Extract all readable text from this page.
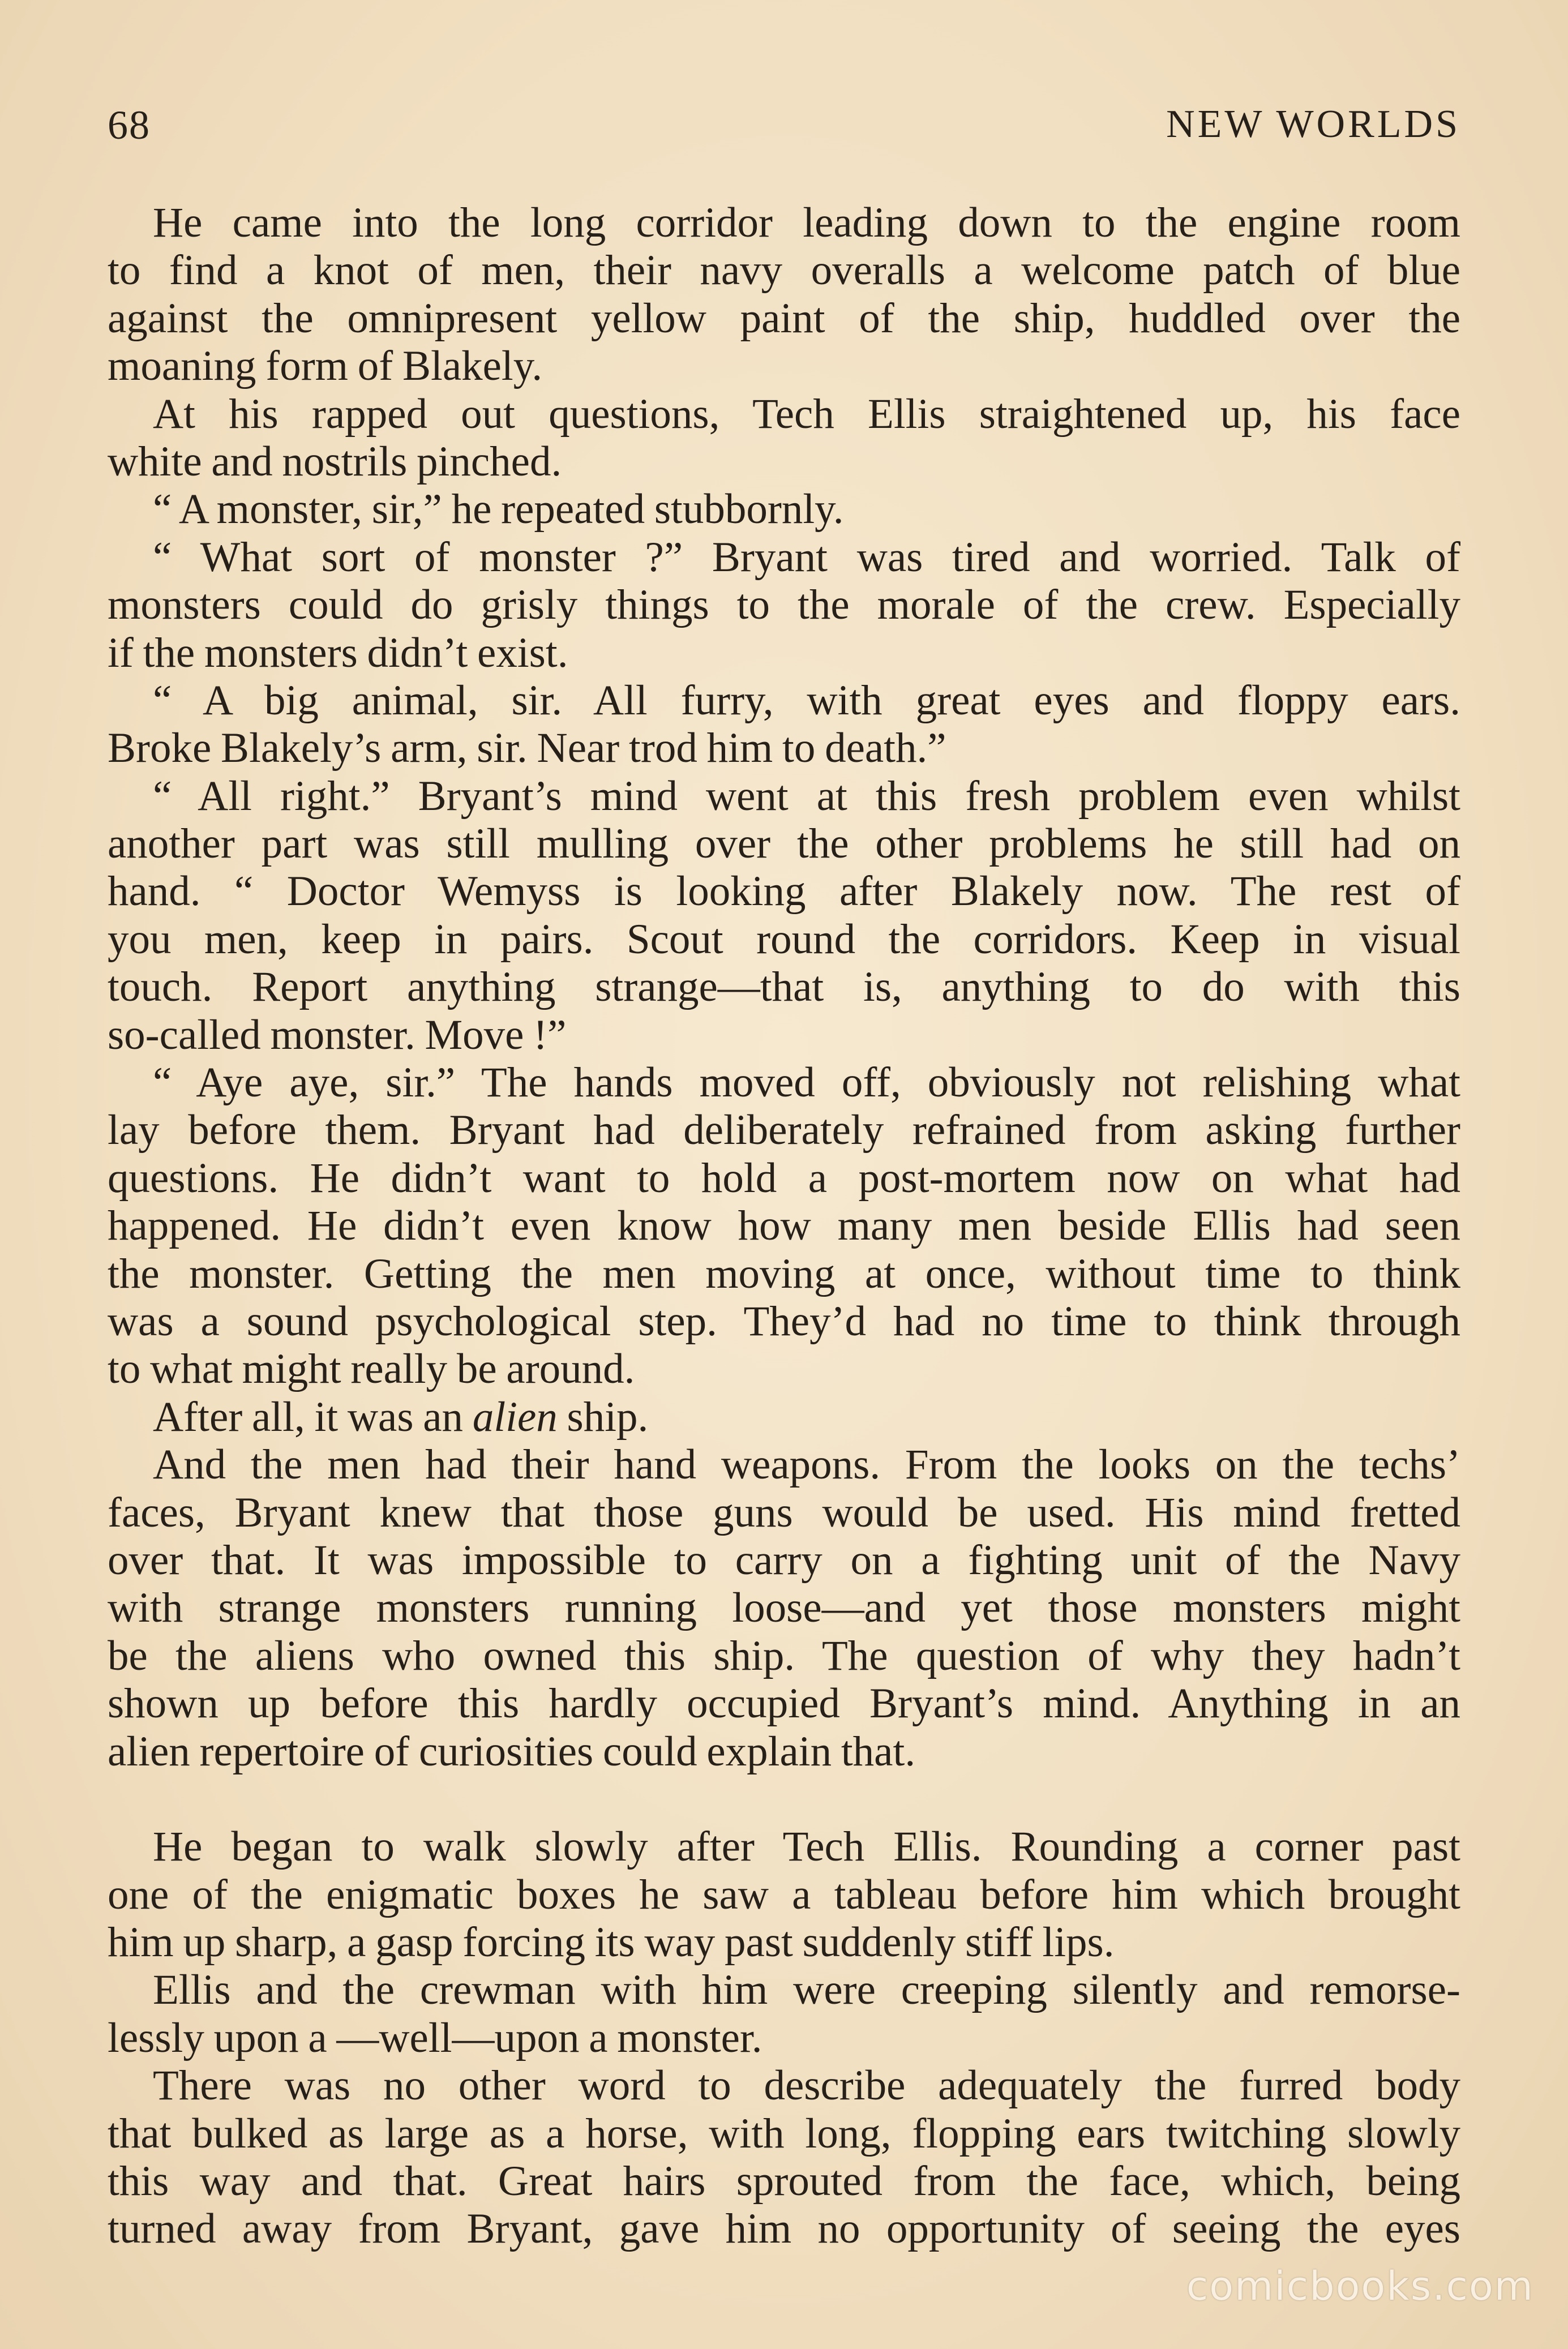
68	NEW WORLDS
He came into the long corridor leading down to the engine room
to find a knot of men, their navy overalls a welcome patch of blue
against the omnipresent yellow paint of the ship, huddled over the
moaning form of Blakely.
At his rapped out questions, Tech Ellis straightened up, his face
white and nostrils pinched.
“ A monster, sir,” he repeated stubbornly.
“ What sort of monster ?” Bryant was tired and worried. Talk of
monsters could do grisly things to the morale of the crew. Especially
if the monsters didn’t exist.
“ A big animal, sir. All furry, with great eyes and floppy ears.
Broke Blakely’s arm, sir. Near trod him to death.”
“ All right.” Bryant’s mind went at this fresh problem even whilst
another part was still mulling over the other problems he still had on
hand. “ Doctor Wemyss is looking after Blakely now. The rest of
you men, keep in pairs. Scout round the corridors. Keep in visual
touch. Report anything strange—that is, anything to do with this
so-called monster. Move !”
“ Aye aye, sir.” The hands moved off, obviously not relishing what
lay before them. Bryant had deliberately refrained from asking further
questions. He didn’t want to hold a post-mortem now on what had
happened. He didn’t even know how many men beside Ellis had seen
the monster. Getting the men moving at once, without time to think
was a sound psychological step. They’d had no time to think through
to what might really be around.
After all, it was an alien ship.
And the men had their hand weapons. From the looks on the techs’
faces, Bryant knew that those guns would be used. His mind fretted
over that. It was impossible to carry on a fighting unit of the Navy
with strange monsters running loose—and yet those monsters might
be the aliens who owned this ship. The question of why they hadn’t
shown up before this hardly occupied Bryant’s mind. Anything in an
alien repertoire of curiosities could explain that.
He began to walk slowly after Tech Ellis. Rounding a corner past
one of the enigmatic boxes he saw a tableau before him which brought
him up sharp, a gasp forcing its way past suddenly stiff lips.
Ellis and the crewman with him were creeping silently and remorse-
lessly upon a —well—upon a monster.
There was no other word to describe adequately the furred body
that bulked as large as a horse, with long, flopping ears twitching slowly
this way and that. Great hairs sprouted from the face, which, being
turned away from Bryant, gave him no opportunity of seeing the eyes
comicbooks.com
